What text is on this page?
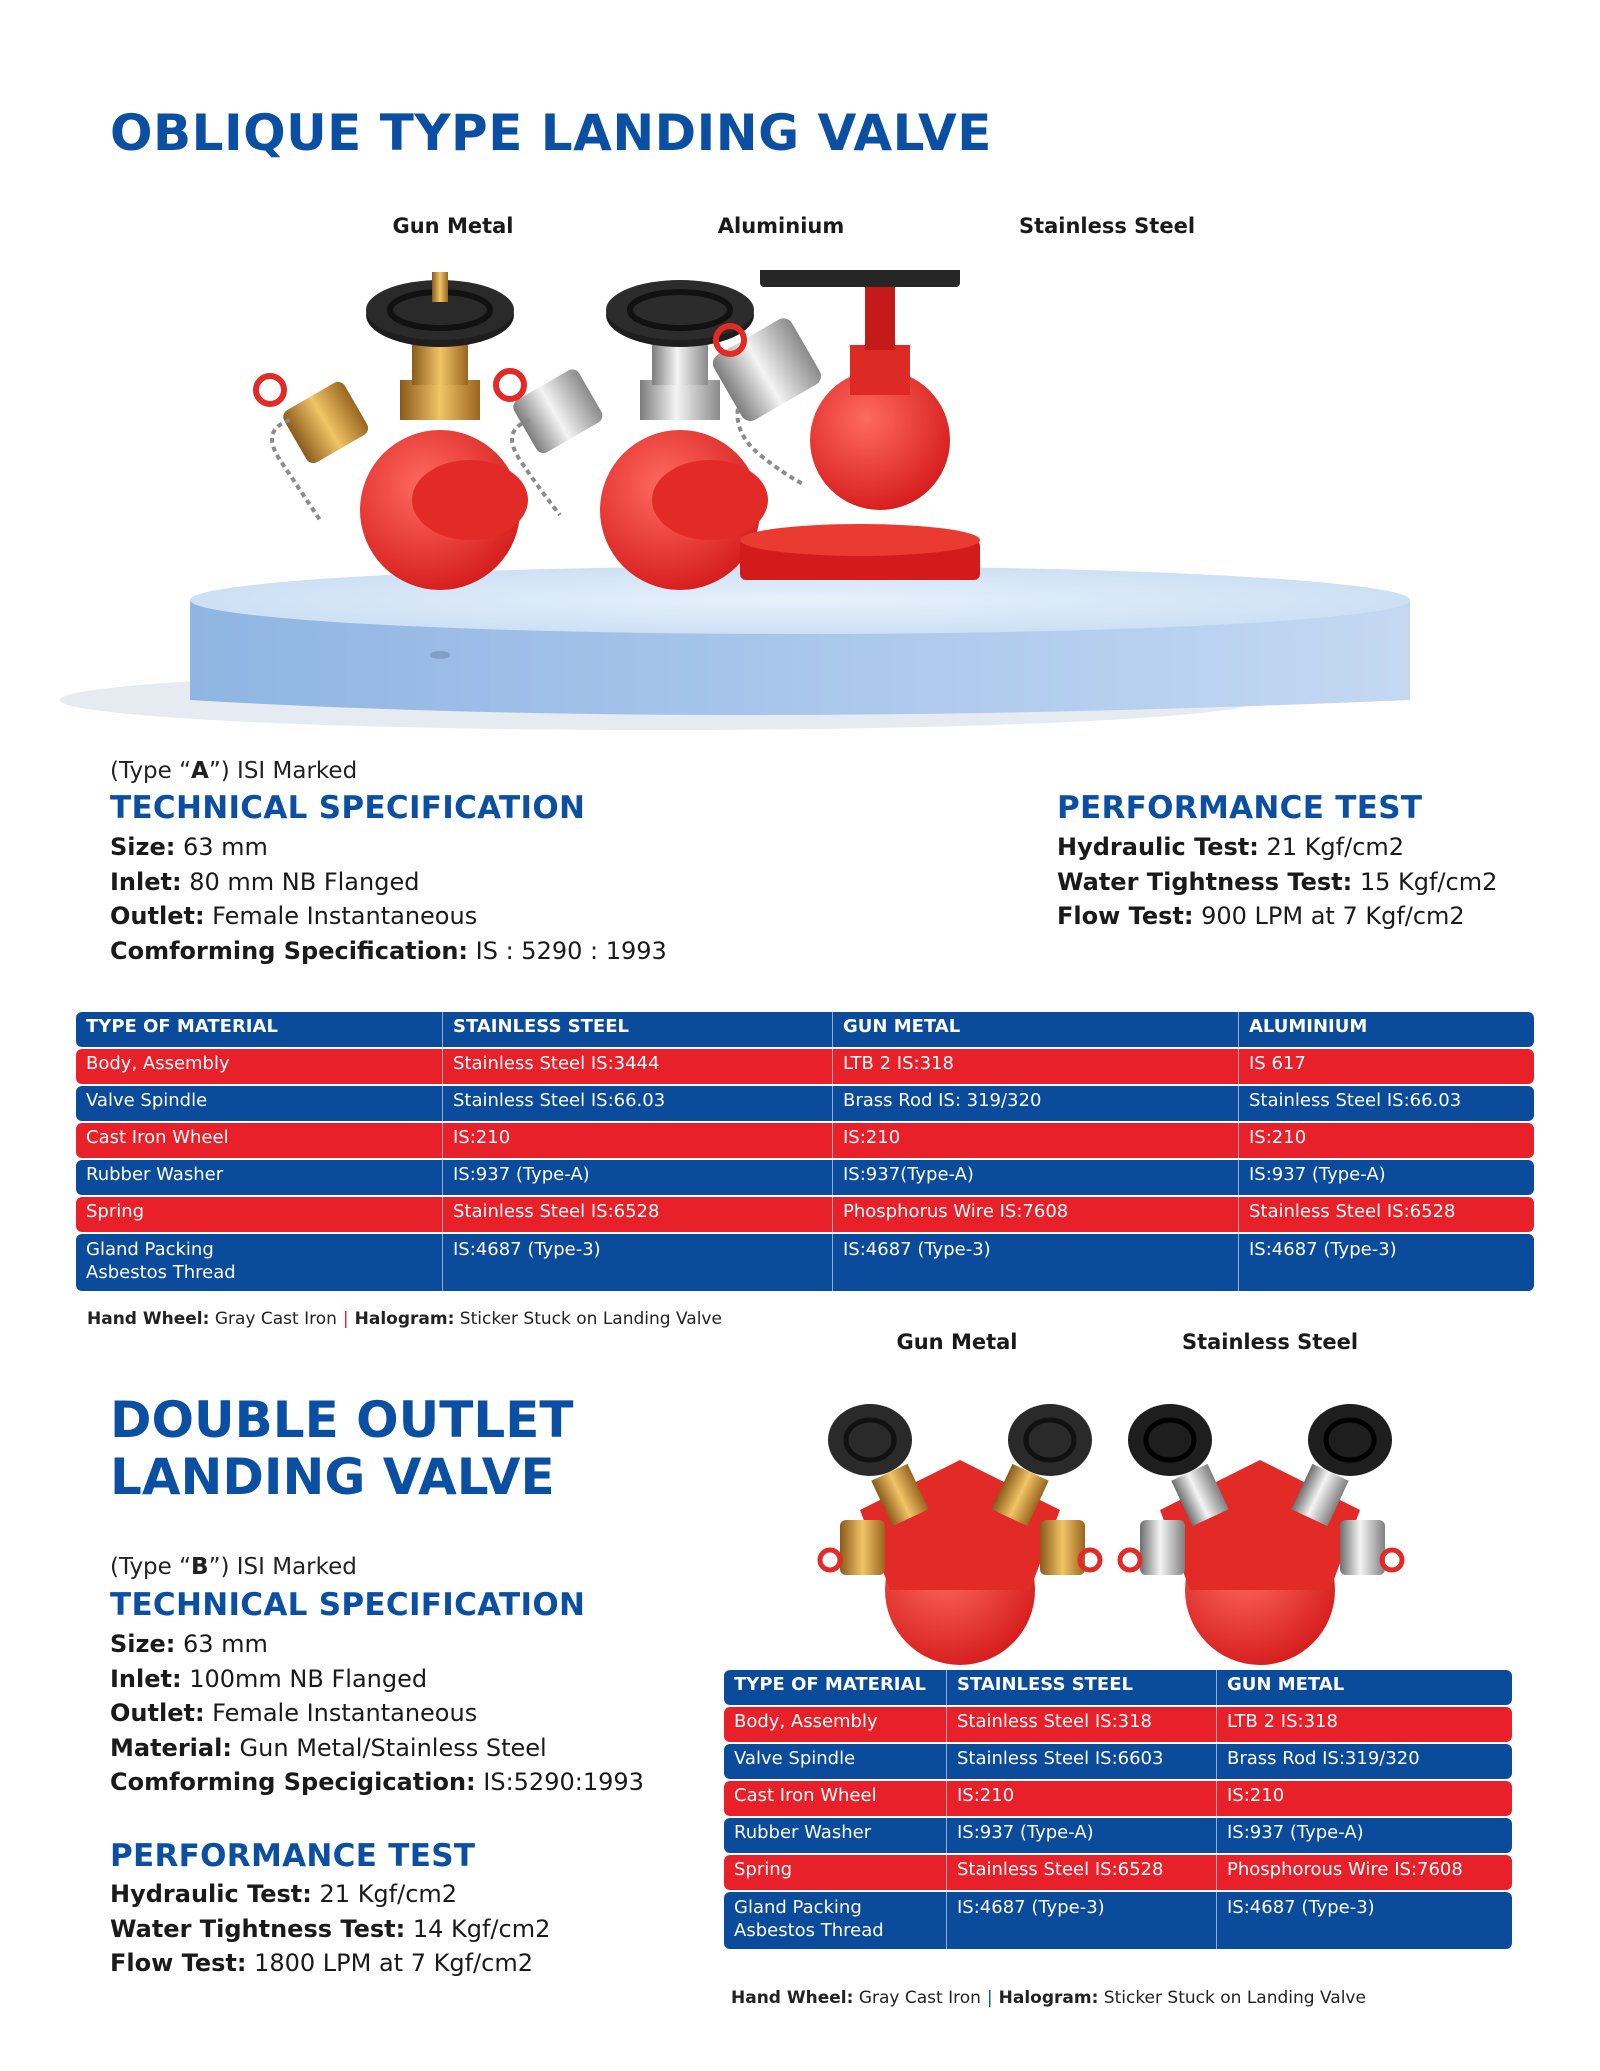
OBLIQUE TYPE LANDING VALVE
Gun Metal	Aluminium	Stainless Steel
(Type “A”) ISI Marked
TECHNICAL SPECIFICATION
Size: 63 mm
Inlet: 80 mm NB Flanged
Outlet: Female Instantaneous
Comforming Specification: IS : 5290 : 1993
PERFORMANCE TEST
Hydraulic Test: 21 Kgf/cm2
Water Tightness Test: 15 Kgf/cm2
Flow Test: 900 LPM at 7 Kgf/cm2
TYPE OF MATERIAL	STAINLESS STEEL	GUN METAL	ALUMINIUM
Body, Assembly	Stainless Steel IS:3444	LTB 2 IS:318	IS 617
Valve Spindle	Stainless Steel IS:66.03	Brass Rod IS: 319/320	Stainless Steel IS:66.03
Cast Iron Wheel	IS:210	IS:210	IS:210
Rubber Washer	IS:937 (Type-A)	IS:937(Type-A)	IS:937 (Type-A)
Spring	Stainless Steel IS:6528	Phosphorus Wire IS:7608	Stainless Steel IS:6528

Gland Packing
Asbestos Thread	IS:4687 (Type-3)	IS:4687 (Type-3)	IS:4687 (Type-3)
Hand Wheel: Gray Cast Iron | Halogram: Sticker Stuck on Landing Valve
DOUBLE OUTLET
LANDING VALVE
Gun Metal	Stainless Steel
(Type “B”) ISI Marked
TECHNICAL SPECIFICATION
Size: 63 mm
Inlet: 100mm NB Flanged
Outlet: Female Instantaneous
Material: Gun Metal/Stainless Steel
Comforming Specigication: IS:5290:1993
PERFORMANCE TEST
Hydraulic Test: 21 Kgf/cm2
Water Tightness Test: 14 Kgf/cm2
Flow Test: 1800 LPM at 7 Kgf/cm2
TYPE OF MATERIAL	STAINLESS STEEL	GUN METAL
Body, Assembly	Stainless Steel IS:318	LTB 2 IS:318
Valve Spindle	Stainless Steel IS:6603	Brass Rod IS:319/320
Cast Iron Wheel	IS:210	IS:210
Rubber Washer	IS:937 (Type-A)	IS:937 (Type-A)
Spring	Stainless Steel IS:6528	Phosphorous Wire IS:7608

Gland Packing
Asbestos Thread	IS:4687 (Type-3)	IS:4687 (Type-3)
Hand Wheel: Gray Cast Iron | Halogram: Sticker Stuck on Landing Valve
